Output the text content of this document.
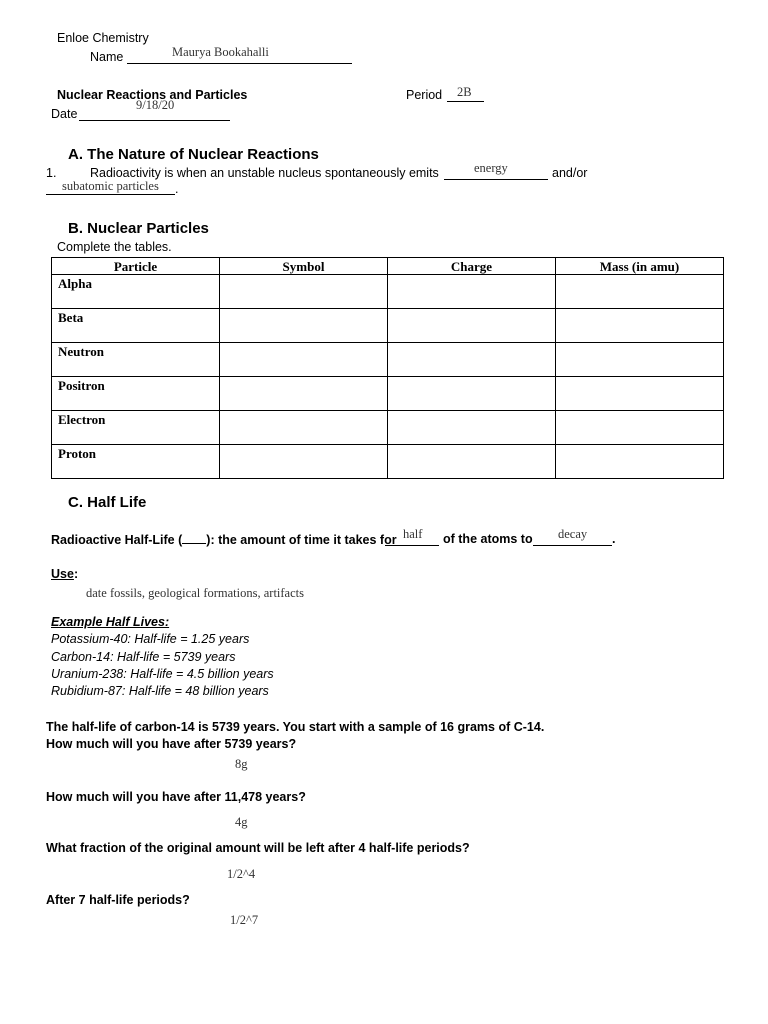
Enloe Chemistry
Name	Maurya Bookahalli
Nuclear Reactions and Particles	Period 2B
Date
9/18/20
A. The Nature of Nuclear Reactions
1.	Radioactivity is when an unstable nucleus spontaneously emits	energy	and/or
subatomic particles .
B. Nuclear Particles
Complete the tables.
Particle	Symbol	Charge	Mass (in amu)
Alpha			
Beta			
Neutron			
Positron			
Electron			
Proton			
C. Half Life
Radioactive Half-Life ( ): the amount of time it takes for half of the atoms to decay .
Use:
date fossils, geological formations, artifacts
Example Half Lives:
Potassium-40: Half-life = 1.25 years
Carbon-14: Half-life = 5739 years
Uranium-238: Half-life = 4.5 billion years
Rubidium-87: Half-life = 48 billion years
The half-life of carbon-14 is 5739 years. You start with a sample of 16 grams of C-14.
How much will you have after 5739 years?
8g
How much will you have after 11,478 years?
4g
What fraction of the original amount will be left after 4 half-life periods?
1/2^4
After 7 half-life periods?
1/2^7
